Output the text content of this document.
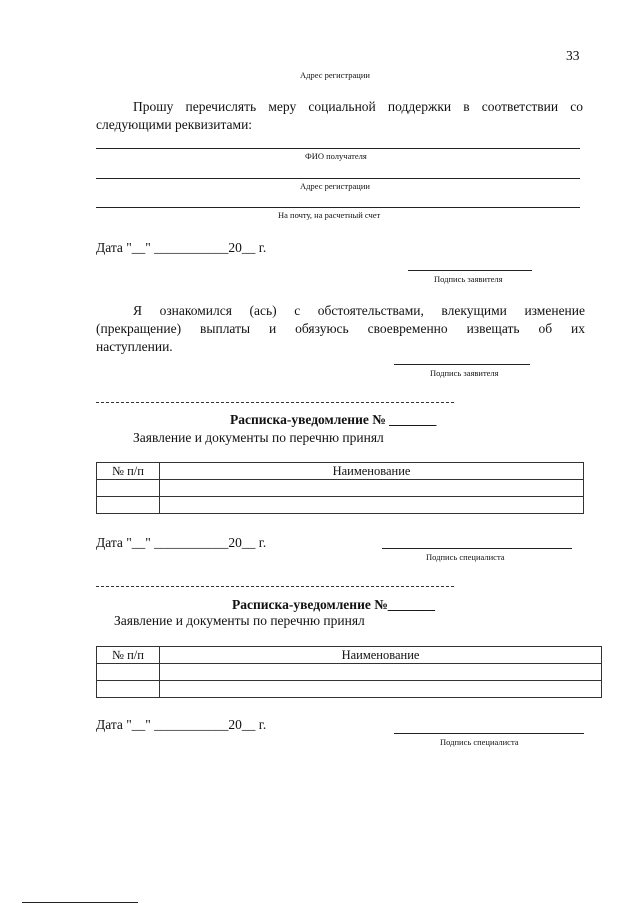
33
Адрес регистрации
Прошу перечислять меру социальной поддержки в соответствии со
следующими реквизитами:
ФИО получателя
Адрес регистрации
На почту, на расчетный счет
Дата "__" ___________20__ г.
Подпись заявителя
Я ознакомился (ась) с обстоятельствами, влекущими изменение
(прекращение) выплаты и обязуюсь своевременно извещать об их
наступлении.
Подпись заявителя
Расписка-уведомление № _______
Заявление и документы по перечню принял
№ п/п	Наименование

Дата "__" ___________20__ г.
Подпись специалиста
Расписка-уведомление №_______
Заявление и документы по перечню принял
№ п/п	Наименование

Дата "__" ___________20__ г.
Подпись специалиста
